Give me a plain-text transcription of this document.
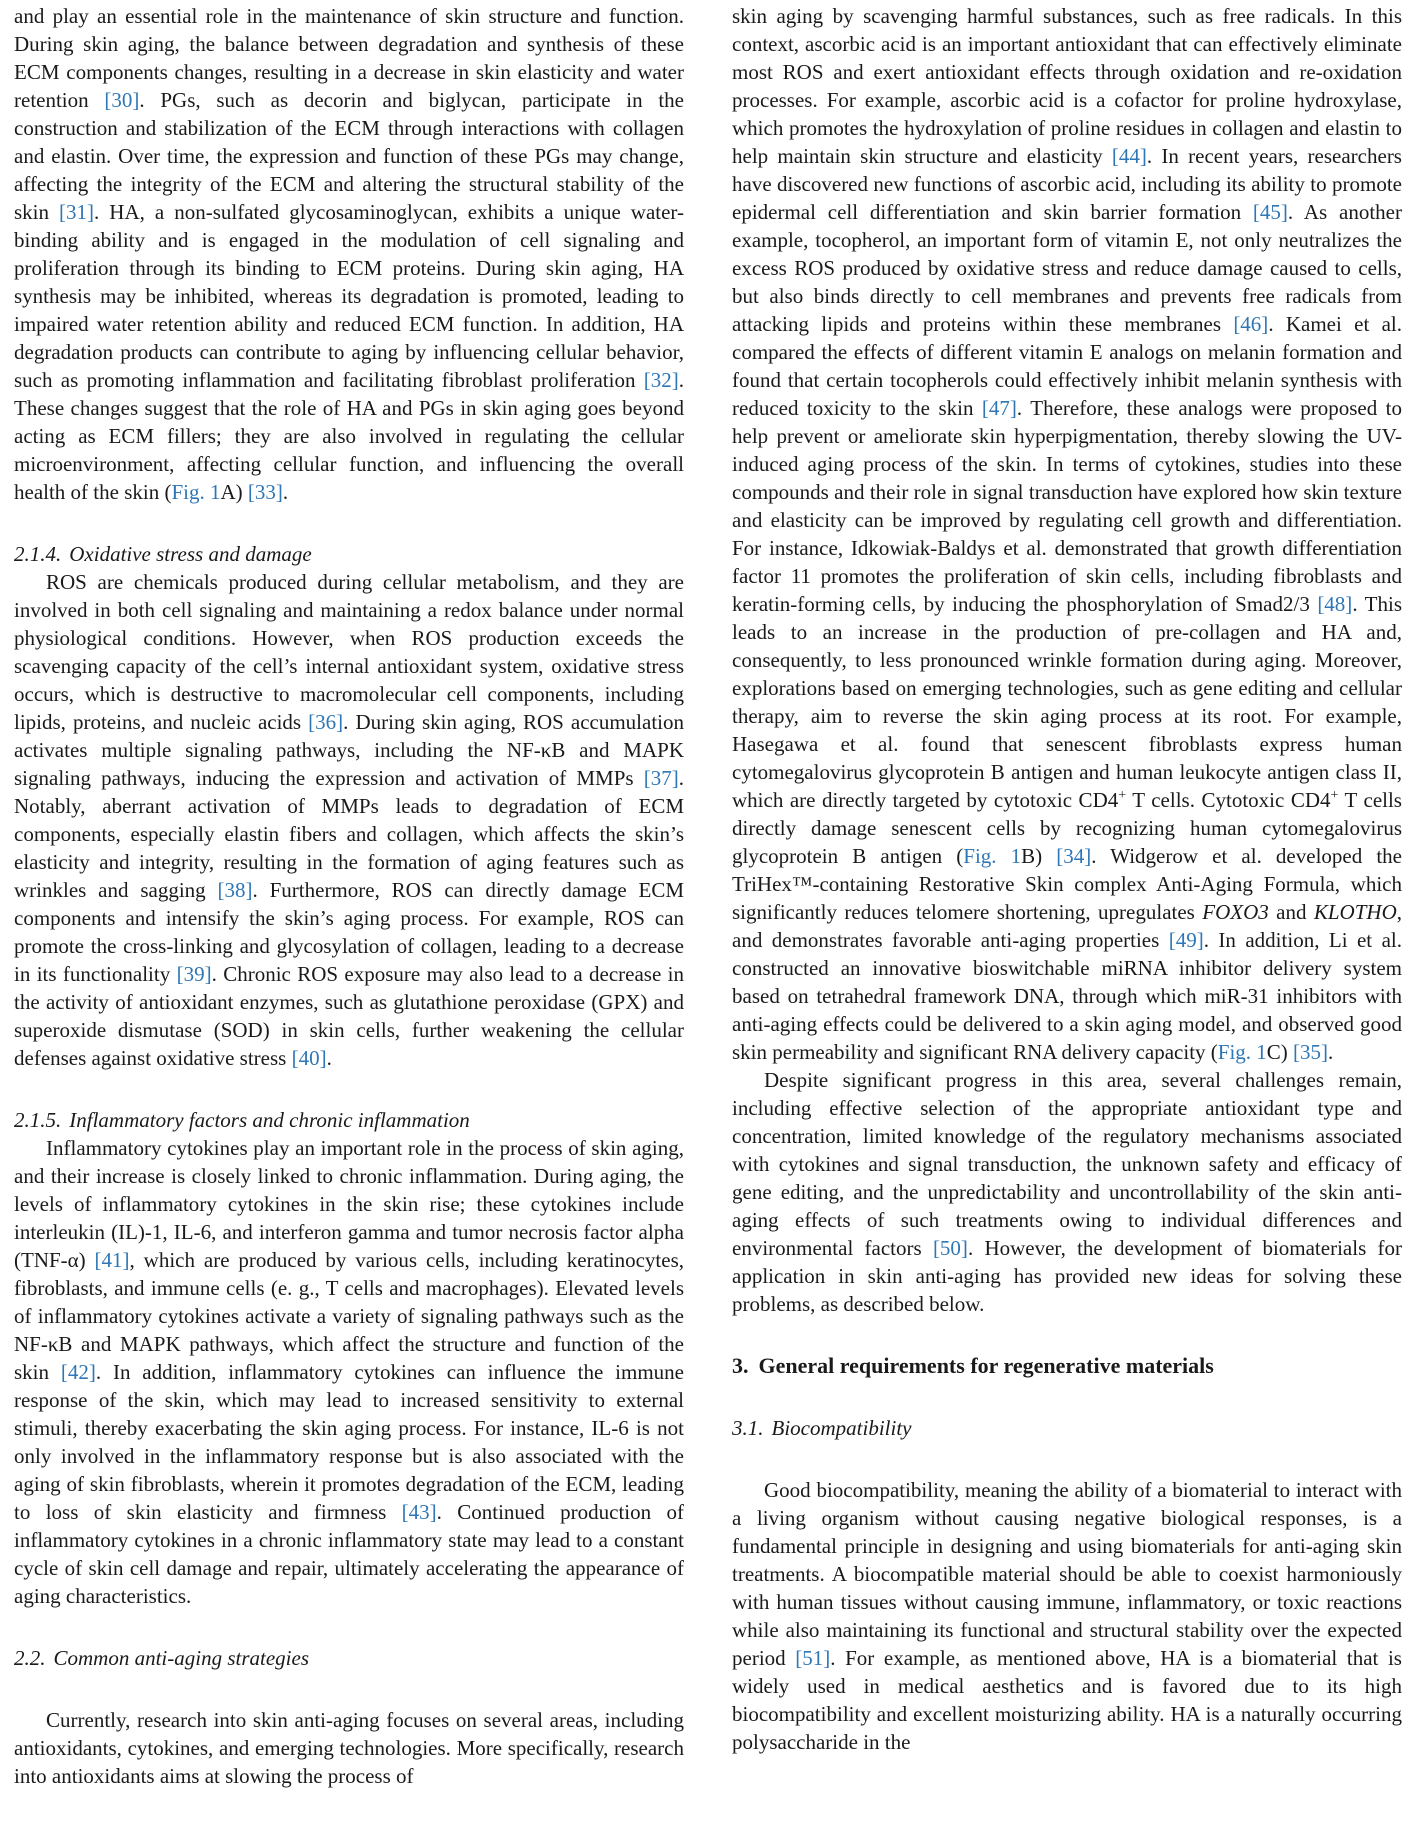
and play an essential role in the maintenance of skin structure and function. During skin aging, the balance between degradation and synthesis of these ECM components changes, resulting in a decrease in skin elasticity and water retention [30]. PGs, such as decorin and biglycan, participate in the construction and stabilization of the ECM through interactions with collagen and elastin. Over time, the expression and function of these PGs may change, affecting the integrity of the ECM and altering the structural stability of the skin [31]. HA, a non-sulfated glycosaminoglycan, exhibits a unique water-binding ability and is engaged in the modulation of cell signaling and proliferation through its binding to ECM proteins. During skin aging, HA synthesis may be inhibited, whereas its degradation is promoted, leading to impaired water retention ability and reduced ECM function. In addition, HA degradation products can contribute to aging by influencing cellular behavior, such as promoting inflammation and facilitating fibroblast proliferation [32]. These changes suggest that the role of HA and PGs in skin aging goes beyond acting as ECM fillers; they are also involved in regulating the cellular microenvironment, affecting cellular function, and influencing the overall health of the skin (Fig. 1A) [33].

2.1.4. Oxidative stress and damage

ROS are chemicals produced during cellular metabolism, and they are involved in both cell signaling and maintaining a redox balance under normal physiological conditions. However, when ROS production exceeds the scavenging capacity of the cell’s internal antioxidant system, oxidative stress occurs, which is destructive to macromolecular cell components, including lipids, proteins, and nucleic acids [36]. During skin aging, ROS accumulation activates multiple signaling pathways, including the NF-κB and MAPK signaling pathways, inducing the expression and activation of MMPs [37]. Notably, aberrant activation of MMPs leads to degradation of ECM components, especially elastin fibers and collagen, which affects the skin’s elasticity and integrity, resulting in the formation of aging features such as wrinkles and sagging [38]. Furthermore, ROS can directly damage ECM components and intensify the skin’s aging process. For example, ROS can promote the cross-linking and glycosylation of collagen, leading to a decrease in its functionality [39]. Chronic ROS exposure may also lead to a decrease in the activity of antioxidant enzymes, such as glutathione peroxidase (GPX) and superoxide dismutase (SOD) in skin cells, further weakening the cellular defenses against oxidative stress [40].

2.1.5. Inflammatory factors and chronic inflammation

Inflammatory cytokines play an important role in the process of skin aging, and their increase is closely linked to chronic inflammation. During aging, the levels of inflammatory cytokines in the skin rise; these cytokines include interleukin (IL)-1, IL-6, and interferon gamma and tumor necrosis factor alpha (TNF-α) [41], which are produced by various cells, including keratinocytes, fibroblasts, and immune cells (e. g., T cells and macrophages). Elevated levels of inflammatory cytokines activate a variety of signaling pathways such as the NF-κB and MAPK pathways, which affect the structure and function of the skin [42]. In addition, inflammatory cytokines can influence the immune response of the skin, which may lead to increased sensitivity to external stimuli, thereby exacerbating the skin aging process. For instance, IL-6 is not only involved in the inflammatory response but is also associated with the aging of skin fibroblasts, wherein it promotes degradation of the ECM, leading to loss of skin elasticity and firmness [43]. Continued production of inflammatory cytokines in a chronic inflammatory state may lead to a constant cycle of skin cell damage and repair, ultimately accelerating the appearance of aging characteristics.

2.2. Common anti-aging strategies

Currently, research into skin anti-aging focuses on several areas, including antioxidants, cytokines, and emerging technologies. More specifically, research into antioxidants aims at slowing the process of

skin aging by scavenging harmful substances, such as free radicals. In this context, ascorbic acid is an important antioxidant that can effectively eliminate most ROS and exert antioxidant effects through oxidation and re-oxidation processes. For example, ascorbic acid is a cofactor for proline hydroxylase, which promotes the hydroxylation of proline residues in collagen and elastin to help maintain skin structure and elasticity [44]. In recent years, researchers have discovered new functions of ascorbic acid, including its ability to promote epidermal cell differentiation and skin barrier formation [45]. As another example, tocopherol, an important form of vitamin E, not only neutralizes the excess ROS produced by oxidative stress and reduce damage caused to cells, but also binds directly to cell membranes and prevents free radicals from attacking lipids and proteins within these membranes [46]. Kamei et al. compared the effects of different vitamin E analogs on melanin formation and found that certain tocopherols could effectively inhibit melanin synthesis with reduced toxicity to the skin [47]. Therefore, these analogs were proposed to help prevent or ameliorate skin hyperpigmentation, thereby slowing the UV-induced aging process of the skin. In terms of cytokines, studies into these compounds and their role in signal transduction have explored how skin texture and elasticity can be improved by regulating cell growth and differentiation. For instance, Idkowiak-Baldys et al. demonstrated that growth differentiation factor 11 promotes the proliferation of skin cells, including fibroblasts and keratin-forming cells, by inducing the phosphorylation of Smad2/3 [48]. This leads to an increase in the production of pre-collagen and HA and, consequently, to less pronounced wrinkle formation during aging. Moreover, explorations based on emerging technologies, such as gene editing and cellular therapy, aim to reverse the skin aging process at its root. For example, Hasegawa et al. found that senescent fibroblasts express human cytomegalovirus glycoprotein B antigen and human leukocyte antigen class II, which are directly targeted by cytotoxic CD4+ T cells. Cytotoxic CD4+ T cells directly damage senescent cells by recognizing human cytomegalovirus glycoprotein B antigen (Fig. 1B) [34]. Widgerow et al. developed the TriHex™-containing Restorative Skin complex Anti-Aging Formula, which significantly reduces telomere shortening, upregulates FOXO3 and KLOTHO, and demonstrates favorable anti-aging properties [49]. In addition, Li et al. constructed an innovative bioswitchable miRNA inhibitor delivery system based on tetrahedral framework DNA, through which miR-31 inhibitors with anti-aging effects could be delivered to a skin aging model, and observed good skin permeability and significant RNA delivery capacity (Fig. 1C) [35].

Despite significant progress in this area, several challenges remain, including effective selection of the appropriate antioxidant type and concentration, limited knowledge of the regulatory mechanisms associated with cytokines and signal transduction, the unknown safety and efficacy of gene editing, and the unpredictability and uncontrollability of the skin anti-aging effects of such treatments owing to individual differences and environmental factors [50]. However, the development of biomaterials for application in skin anti-aging has provided new ideas for solving these problems, as described below.

3. General requirements for regenerative materials
3.1. Biocompatibility

Good biocompatibility, meaning the ability of a biomaterial to interact with a living organism without causing negative biological responses, is a fundamental principle in designing and using biomaterials for anti-aging skin treatments. A biocompatible material should be able to coexist harmoniously with human tissues without causing immune, inflammatory, or toxic reactions while also maintaining its functional and structural stability over the expected period [51]. For example, as mentioned above, HA is a biomaterial that is widely used in medical aesthetics and is favored due to its high biocompatibility and excellent moisturizing ability. HA is a naturally occurring polysaccharide in the
